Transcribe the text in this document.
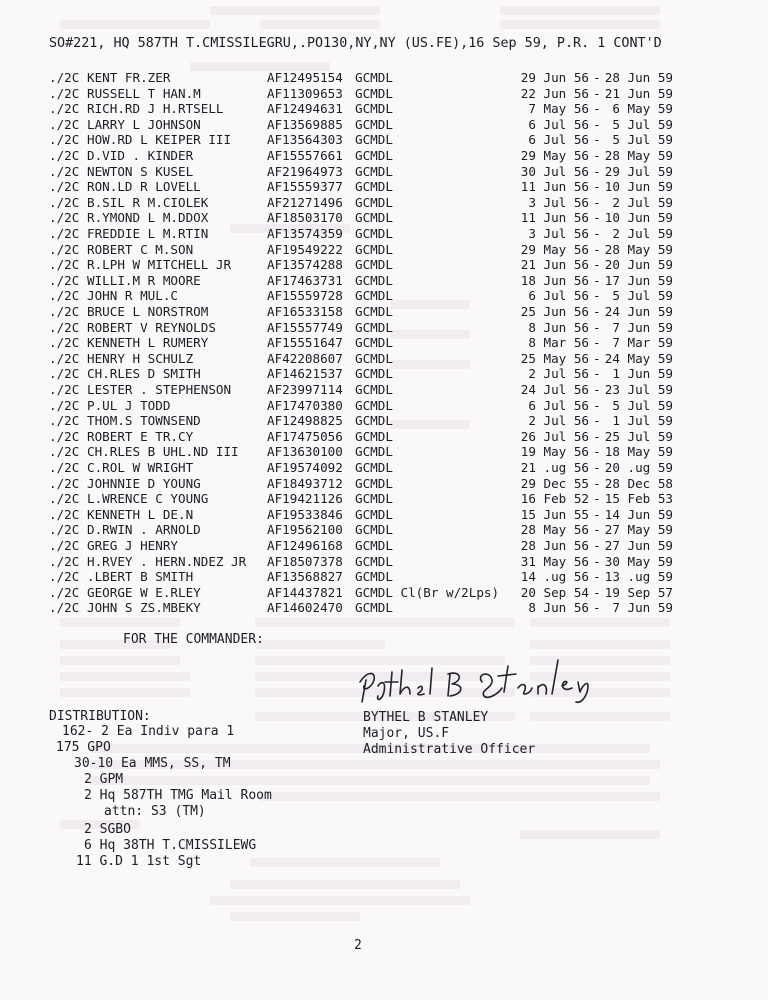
SO#221, HQ 587TH T.CMISSILEGRU,.PO130,NY,NY (US.FE),16 Sep 59, P.R. 1 CONT'D
./2C KENT FR.ZER	AF12495154 GCMDL	29 Jun 56 - 28 Jun 59
./2C RUSSELL T HAN.M	AF11309653 GCMDL	22 Jun 56 - 21 Jun 59
./2C RICH.RD J H.RTSELL	AF12494631 GCMDL	7 May 56 - 6 May 59
./2C LARRY L JOHNSON	AF13569885 GCMDL	6 Jul 56 - 5 Jul 59
./2C HOW.RD L KEIPER III	AF13564303 GCMDL	6 Jul 56 - 5 Jul 59
./2C D.VID . KINDER	AF15557661 GCMDL	29 May 56 - 28 May 59
./2C NEWTON S KUSEL	AF21964973 GCMDL	30 Jul 56 - 29 Jul 59
./2C RON.LD R LOVELL	AF15559377 GCMDL	11 Jun 56 - 10 Jun 59
./2C B.SIL R M.CIOLEK	AF21271496 GCMDL	3 Jul 56 - 2 Jul 59
./2C R.YMOND L M.DDOX	AF18503170 GCMDL	11 Jun 56 - 10 Jun 59
./2C FREDDIE L M.RTIN	AF13574359 GCMDL	3 Jul 56 - 2 Jul 59
./2C ROBERT C M.SON	AF19549222 GCMDL	29 May 56 - 28 May 59
./2C R.LPH W MITCHELL JR	AF13574288 GCMDL	21 Jun 56 - 20 Jun 59
./2C WILLI.M R MOORE	AF17463731 GCMDL	18 Jun 56 - 17 Jun 59
./2C JOHN R MUL.C	AF15559728 GCMDL	6 Jul 56 - 5 Jul 59
./2C BRUCE L NORSTROM	AF16533158 GCMDL	25 Jun 56 - 24 Jun 59
./2C ROBERT V REYNOLDS	AF15557749 GCMDL	8 Jun 56 - 7 Jun 59
./2C KENNETH L RUMERY	AF15551647 GCMDL	8 Mar 56 - 7 Mar 59
./2C HENRY H SCHULZ	AF42208607 GCMDL	25 May 56 - 24 May 59
./2C CH.RLES D SMITH	AF14621537 GCMDL	2 Jul 56 - 1 Jun 59
./2C LESTER . STEPHENSON	AF23997114 GCMDL	24 Jul 56 - 23 Jul 59
./2C P.UL J TODD	AF17470380 GCMDL	6 Jul 56 - 5 Jul 59
./2C THOM.S TOWNSEND	AF12498825 GCMDL	2 Jul 56 - 1 Jul 59
./2C ROBERT E TR.CY	AF17475056 GCMDL	26 Jul 56 - 25 Jul 59
./2C CH.RLES B UHL.ND III AF13630100 GCMDL	19 May 56 - 18 May 59
./2C C.ROL W WRIGHT	AF19574092 GCMDL	21 .ug 56 - 20 .ug 59
./2C JOHNNIE D YOUNG	AF18493712 GCMDL	29 Dec 55 - 28 Dec 58
./2C L.WRENCE C YOUNG	AF19421126 GCMDL	16 Feb 52 - 15 Feb 53
./2C KENNETH L DE.N	AF19533846 GCMDL	15 Jun 55 - 14 Jun 59
./2C D.RWIN . ARNOLD	AF19562100 GCMDL	28 May 56 - 27 May 59
./2C GREG J HENRY	AF12496168 GCMDL	28 Jun 56 - 27 Jun 59
./2C H.RVEY . HERN.NDEZ JR AF18507378 GCMDL	31 May 56 - 30 May 59
./2C .LBERT B SMITH	AF13568827 GCMDL	14 .ug 56 - 13 .ug 59
./2C GEORGE W E.RLEY	AF14437821 GCMDL Cl(Br w/2Lps)	20 Sep 54 - 19 Sep 57
./2C JOHN S ZS.MBEKY	AF14602470 GCMDL	8 Jun 56 - 7 Jun 59
FOR THE COMMANDER:
DISTRIBUTION:	BYTHEL B STANLEY
Major, US.F
Administrative Officer
162- 2 Ea Indiv para 1
175 GPO
30-10 Ea MMS, SS, TM
2 GPM
2 Hq 587TH TMG Mail Room
attn: S3 (TM)
2 SGBO
6 Hq 38TH T.CMISSILEWG
11 G.D 1 1st Sgt
2
